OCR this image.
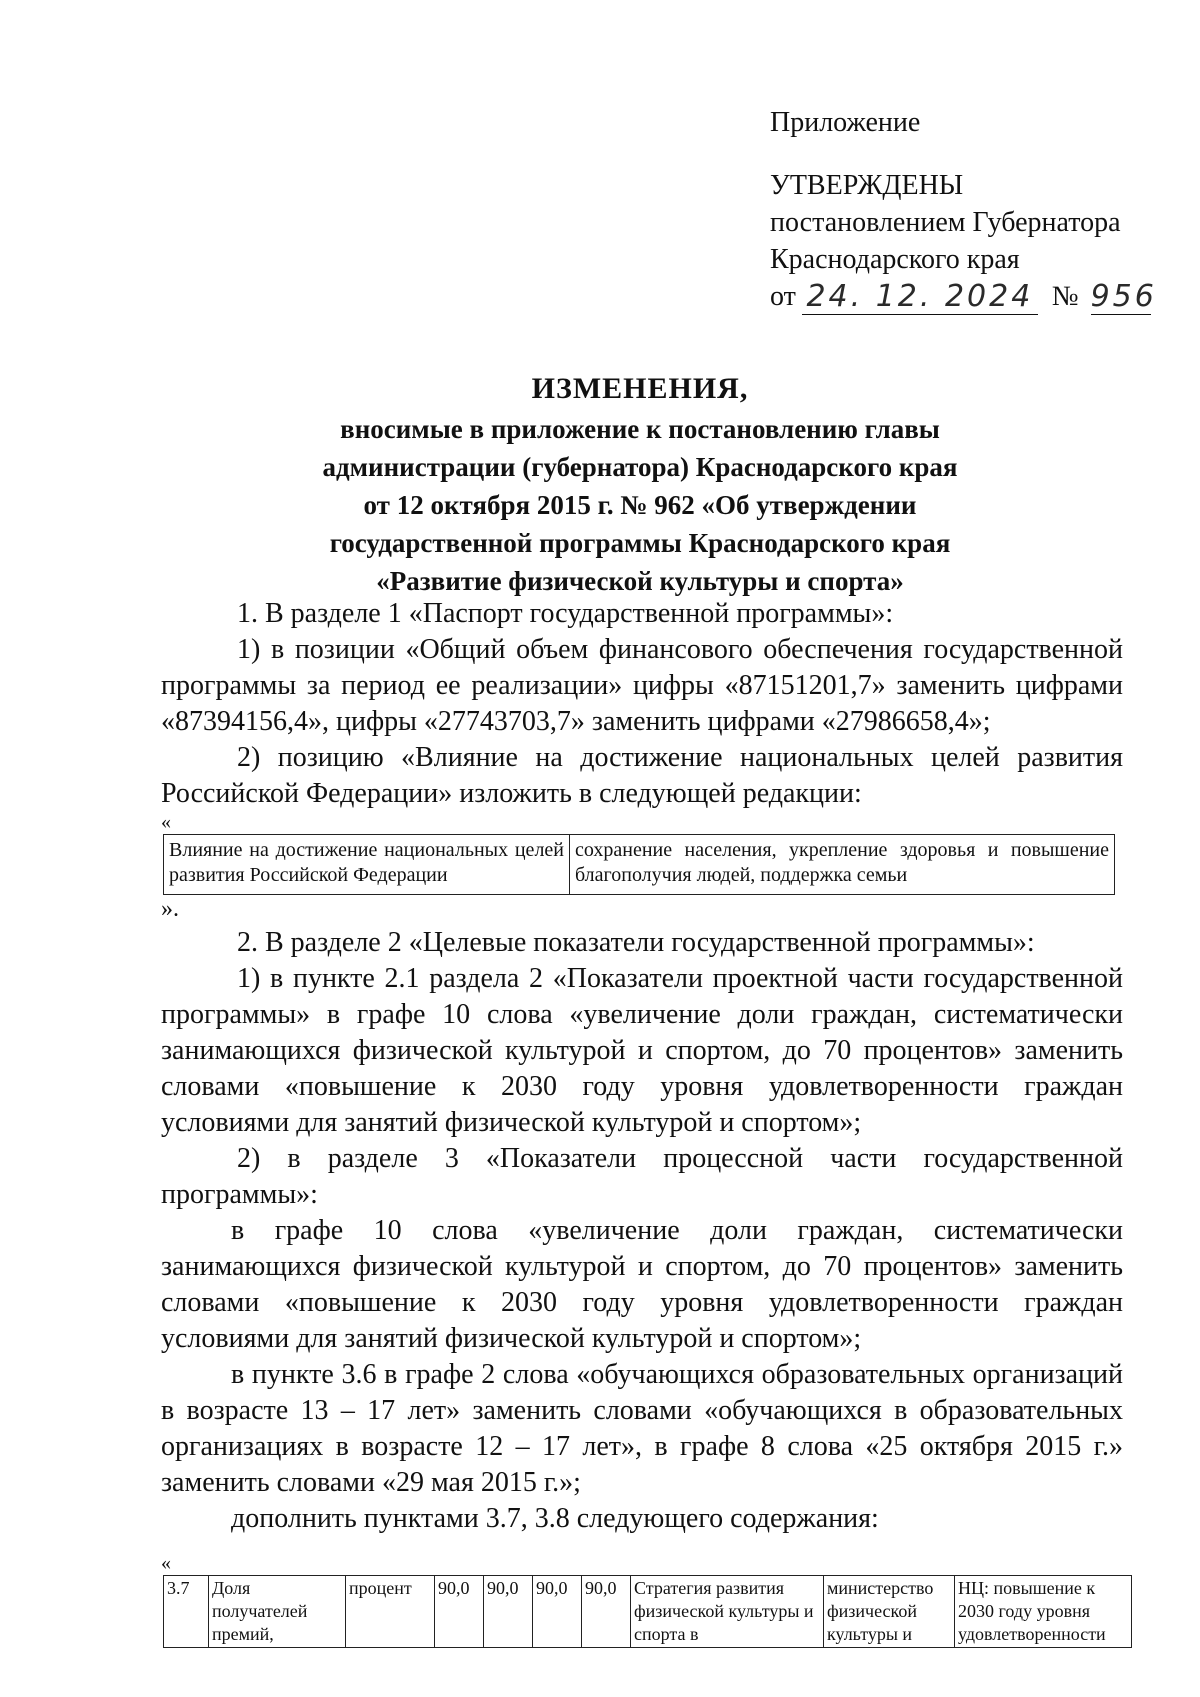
Приложение
УТВЕРЖДЕНЫ
постановлением Губернатора
Краснодарского края
от 24. 12. 2024 № 956
ИЗМЕНЕНИЯ,
вносимые в приложение к постановлению главы
администрации (губернатора) Краснодарского края
от 12 октября 2015 г. № 962 «Об утверждении
государственной программы Краснодарского края
«Развитие физической культуры и спорта»

1. В разделе 1 «Паспорт государственной программы»:

1) в позиции «Общий объем финансового обеспечения государственной программы за период ее реализации» цифры «87151201,7» заменить цифрами «87394156,4», цифры «27743703,7» заменить цифрами «27986658,4»;

2) позицию «Влияние на достижение национальных целей развития Российской Федерации» изложить в следующей редакции:

«

Влияние на достижение национальных целей развития Российской Федерации	сохранение населения, укрепление здоровья и повышение благополучия людей, поддержка семьи

».

2. В разделе 2 «Целевые показатели государственной программы»:

1) в пункте 2.1 раздела 2 «Показатели проектной части государственной программы» в графе 10 слова «увеличение доли граждан, систематически занимающихся физической культурой и спортом, до 70 процентов» заменить словами «повышение к 2030 году уровня удовлетворенности граждан условиями для занятий физической культурой и спортом»;

2) в разделе 3 «Показатели процессной части государственной программы»:

в графе 10 слова «увеличение доли граждан, систематически занимающихся физической культурой и спортом, до 70 процентов» заменить словами «повышение к 2030 году уровня удовлетворенности граждан условиями для занятий физической культурой и спортом»;

в пункте 3.6 в графе 2 слова «обучающихся образовательных организаций в возрасте 13 – 17 лет» заменить словами «обучающихся в образовательных организациях в возрасте 12 – 17 лет», в графе 8 слова «25 октября 2015 г.» заменить словами «29 мая 2015 г.»;

дополнить пунктами 3.7, 3.8 следующего содержания:

«

3.7	Доля получателей премий,	процент	90,0	90,0	90,0	90,0	Стратегия развития физической культуры и спорта в	министерство физической культуры и	НЦ: повышение к 2030 году уровня удовлетворенности
